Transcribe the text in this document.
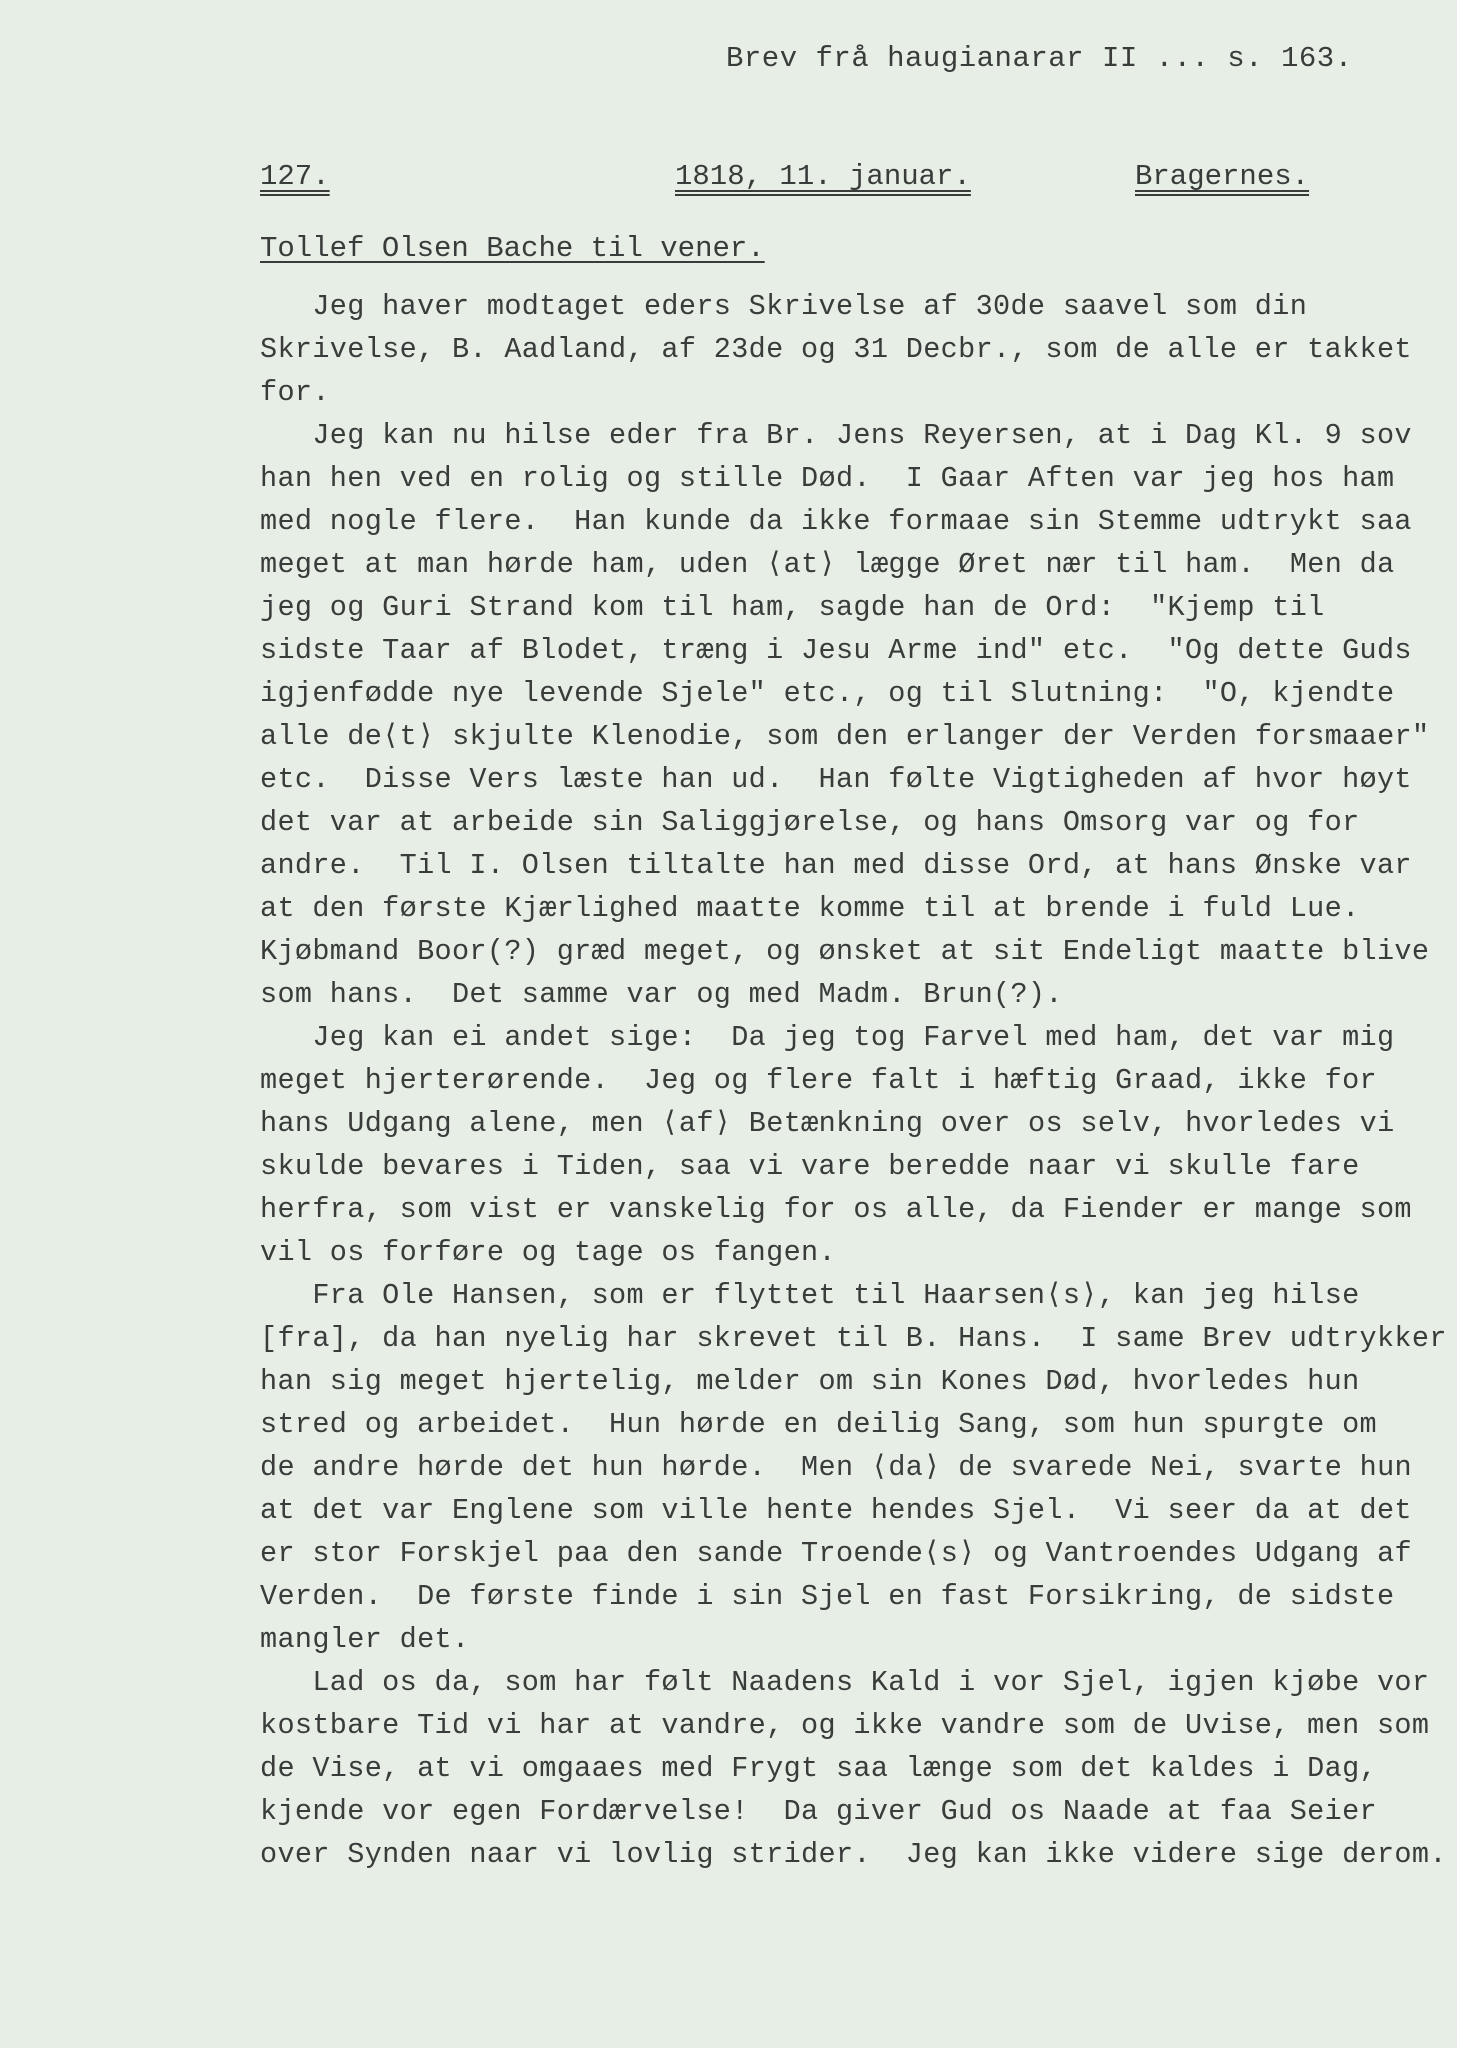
Brev frå haugianarar II ... s. 163.
127.	1818, 11. januar.	Bragernes.
Tollef Olsen Bache til vener.
Jeg haver modtaget eders Skrivelse af 30de saavel som din
Skrivelse, B. Aadland, af 23de og 31 Decbr., som de alle er takket
for.
Jeg kan nu hilse eder fra Br. Jens Reyersen, at i Dag Kl. 9 sov
han hen ved en rolig og stille Død.  I Gaar Aften var jeg hos ham
med nogle flere.  Han kunde da ikke formaae sin Stemme udtrykt saa
meget at man hørde ham, uden ⟨at⟩ lægge Øret nær til ham.  Men da
jeg og Guri Strand kom til ham, sagde han de Ord:  "Kjemp til
sidste Taar af Blodet, træng i Jesu Arme ind" etc.  "Og dette Guds
igjenfødde nye levende Sjele" etc., og til Slutning:  "O, kjendte
alle de⟨t⟩ skjulte Klenodie, som den erlanger der Verden forsmaaer"
etc.  Disse Vers læste han ud.  Han følte Vigtigheden af hvor høyt
det var at arbeide sin Saliggjørelse, og hans Omsorg var og for
andre.  Til I. Olsen tiltalte han med disse Ord, at hans Ønske var
at den første Kjærlighed maatte komme til at brende i fuld Lue.
Kjøbmand Boor(?) græd meget, og ønsket at sit Endeligt maatte blive
som hans.  Det samme var og med Madm. Brun(?).
Jeg kan ei andet sige:  Da jeg tog Farvel med ham, det var mig
meget hjerterørende.  Jeg og flere falt i hæftig Graad, ikke for
hans Udgang alene, men ⟨af⟩ Betænkning over os selv, hvorledes vi
skulde bevares i Tiden, saa vi vare beredde naar vi skulle fare
herfra, som vist er vanskelig for os alle, da Fiender er mange som
vil os forføre og tage os fangen.
Fra Ole Hansen, som er flyttet til Haarsen⟨s⟩, kan jeg hilse
[fra], da han nyelig har skrevet til B. Hans.  I same Brev udtrykker
han sig meget hjertelig, melder om sin Kones Død, hvorledes hun
stred og arbeidet.  Hun hørde en deilig Sang, som hun spurgte om
de andre hørde det hun hørde.  Men ⟨da⟩ de svarede Nei, svarte hun
at det var Englene som ville hente hendes Sjel.  Vi seer da at det
er stor Forskjel paa den sande Troende⟨s⟩ og Vantroendes Udgang af
Verden.  De første finde i sin Sjel en fast Forsikring, de sidste
mangler det.
Lad os da, som har følt Naadens Kald i vor Sjel, igjen kjøbe vor
kostbare Tid vi har at vandre, og ikke vandre som de Uvise, men som
de Vise, at vi omgaaes med Frygt saa længe som det kaldes i Dag,
kjende vor egen Fordærvelse!  Da giver Gud os Naade at faa Seier
over Synden naar vi lovlig strider.  Jeg kan ikke videre sige derom.
